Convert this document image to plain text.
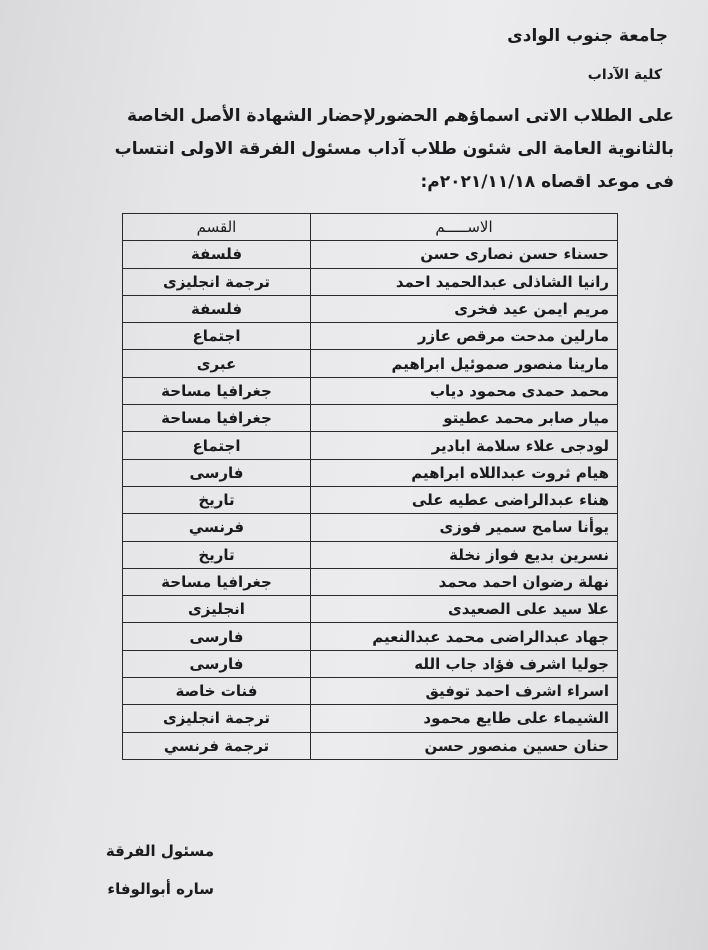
جامعة جنوب الوادى
كلية الآداب
على الطلاب الاتى اسماؤهم الحضورلإحضار الشهادة الأصل الخاصة بالثانوية العامة الى شئون طلاب آداب مسئول الفرقة الاولى انتساب فى موعد اقصاه ٢٠٢١/١١/١٨م:
الاســـــم	القسم
حسناء حسن نصارى حسن	فلسفة
رانيا الشاذلى عبدالحميد احمد	ترجمة انجليزى
مريم ايمن عيد فخرى	فلسفة
مارلين مدحت مرقص عازر	اجتماع
مارينا منصور صموئيل ابراهيم	عبرى
محمد حمدى محمود دياب	جغرافيا مساحة
ميار صابر محمد عطيتو	جغرافيا مساحة
لودجى علاء سلامة ابادير	اجتماع
هيام ثروت عبداللاه ابراهيم	فارسى
هناء عبدالراضى عطيه على	تاريخ
يوأنا سامح سمير فوزى	فرنسي
نسرين بديع فواز نخلة	تاريخ
نهلة رضوان احمد محمد	جغرافيا مساحة
علا سيد على الصعيدى	انجليزى
جهاد عبدالراضى محمد عبدالنعيم	فارسى
جوليا اشرف فؤاد جاب الله	فارسى
اسراء اشرف احمد توفيق	فنات خاصة
الشيماء على طايع محمود	ترجمة انجليزى
حنان حسين منصور حسن	ترجمة فرنسي
مسئول الفرقة
ساره أبوالوفاء
